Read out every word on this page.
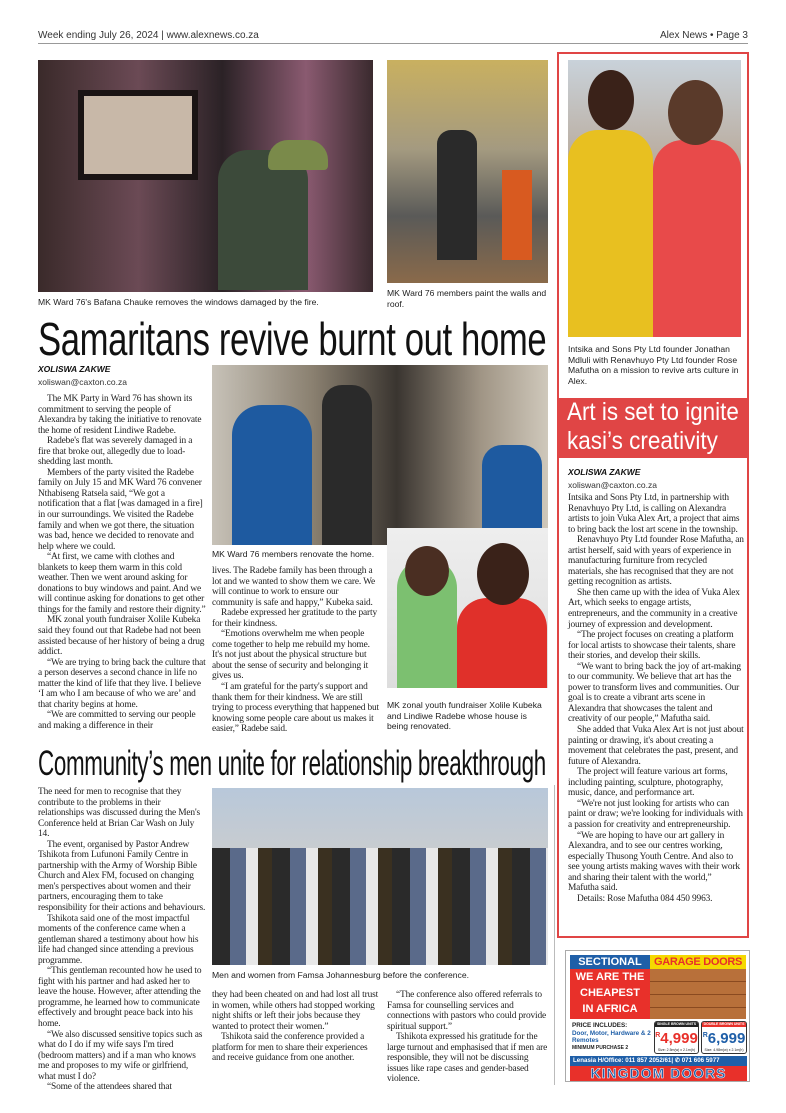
Week ending July 26, 2024 | www.alexnews.co.za	Alex News • Page 3
MK Ward 76's Bafana Chauke removes the windows damaged by the fire.
MK Ward 76 members paint the walls and roof.
Samaritans revive burnt out home
XOLISWA ZAKWE
xoliswan@caxton.co.za

The MK Party in Ward 76 has shown its commitment to serving the people of Alexandra by taking the initiative to renovate the home of resident Lindiwe Radebe.

Radebe's flat was severely damaged in a fire that broke out, allegedly due to load-shedding last month.

Members of the party visited the Radebe family on July 15 and MK Ward 76 convener Nthabiseng Ratsela said, “We got a notification that a flat [was damaged in a fire] in our surroundings. We visited the Radebe family and when we got there, the situation was bad, hence we decided to renovate and help where we could.

“At first, we came with clothes and blankets to keep them warm in this cold weather. Then we went around asking for donations to buy windows and paint. And we will continue asking for donations to get other things for the family and restore their dignity.”

MK zonal youth fundraiser Xolile Kubeka said they found out that Radebe had not been assisted because of her history of being a drug addict.

“We are trying to bring back the culture that a person deserves a second chance in life no matter the kind of life that they live. I believe ‘I am who I am because of who we are’ and that charity begins at home.

“We are committed to serving our people and making a difference in their

MK Ward 76 members renovate the home.

lives. The Radebe family has been through a lot and we wanted to show them we care. We will continue to work to ensure our community is safe and happy,” Kubeka said.

Radebe expressed her gratitude to the party for their kindness.

“Emotions overwhelm me when people come together to help me rebuild my home. It's not just about the physical structure but about the sense of security and belonging it gives us.

“I am grateful for the party's support and thank them for their kindness. We are still trying to process everything that happened but knowing some people care about us makes it easier,” Radebe said.

MK zonal youth fundraiser Xolile Kubeka and Lindiwe Radebe whose house is being renovated.
Intsika and Sons Pty Ltd founder Jonathan Mdluli with Renavhuyo Pty Ltd founder Rose Mafutha on a mission to revive arts culture in Alex.
Art is set to ignite kasi’s creativity
XOLISWA ZAKWE
xoliswan@caxton.co.za

Intsika and Sons Pty Ltd, in partnership with Renavhuyo Pty Ltd, is calling on Alexandra artists to join Vuka Alex Art, a project that aims to bring back the lost art scene in the township.

Renavhuyo Pty Ltd founder Rose Mafutha, an artist herself, said with years of experience in manufacturing furniture from recycled materials, she has recognised that they are not getting recognition as artists.

She then came up with the idea of Vuka Alex Art, which seeks to engage artists, entrepreneurs, and the community in a creative journey of expression and development.

“The project focuses on creating a platform for local artists to showcase their talents, share their stories, and develop their skills.

“We want to bring back the joy of art-making to our community. We believe that art has the power to transform lives and communities. Our goal is to create a vibrant arts scene in Alexandra that showcases the talent and creativity of our people,” Mafutha said.

She added that Vuka Alex Art is not just about painting or drawing, it's about creating a movement that celebrates the past, present, and future of Alexandra.

The project will feature various art forms, including painting, sculpture, photography, music, dance, and performance art.

“We're not just looking for artists who can paint or draw; we're looking for individuals with a passion for creativity and entrepreneurship.

“We are hoping to have our art gallery in Alexandra, and to see our centres working, especially Thusong Youth Centre. And also to see young artists making waves with their work and sharing their talent with the world,” Mafutha said.

Details: Rose Mafutha 084 450 9963.

Community’s men unite for relationship breakthrough

The need for men to recognise that they contribute to the problems in their relationships was discussed during the Men's Conference held at Brian Car Wash on July 14.

The event, organised by Pastor Andrew Tshikota from Lufunoni Family Centre in partnership with the Army of Worship Bible Church and Alex FM, focused on changing men's perspectives about women and their partners, encouraging them to take responsibility for their actions and behaviours.

Tshikota said one of the most impactful moments of the conference came when a gentleman shared a testimony about how his life had changed since attending a previous programme.

“This gentleman recounted how he used to fight with his partner and had asked her to leave the house. However, after attending the programme, he learned how to communicate effectively and brought peace back into his home.

“We also discussed sensitive topics such as what do I do if my wife says I'm tired (bedroom matters) and if a man who knows me and proposes to my wife or girlfriend, what must I do?

“Some of the attendees shared that

Men and women from Famsa Johannesburg before the conference.

they had been cheated on and had lost all trust in women, while others had stopped working night shifts or left their jobs because they wanted to protect their women.”

Tshikota said the conference provided a platform for men to share their experiences and receive guidance from one another.

“The conference also offered referrals to Famsa for counselling services and connections with pastors who could provide spiritual support.”

Tshikota expressed his gratitude for the large turnout and emphasised that if men are responsible, they will not be discussing issues like rape cases and gender-based violence.

SECTIONAL	GARAGE DOORS
WE ARE THE
CHEAPEST
IN AFRICA
PRICE INCLUDES:
Door, Motor, Hardware & 2 Remotes
MINIMUM PURCHASE 2
SINGLE BROWN UNITS
$^R$4,999
Size: 2.5m(w) x 2.1m(h)
DOUBLE BROWN UNITS
$^R$6,999
Size: 4.98m(w) x 2.1m(h)
Lenasia H/Office: 011 857 2052/61| ✆ 071 606 5977
KINGDOM DOORS
